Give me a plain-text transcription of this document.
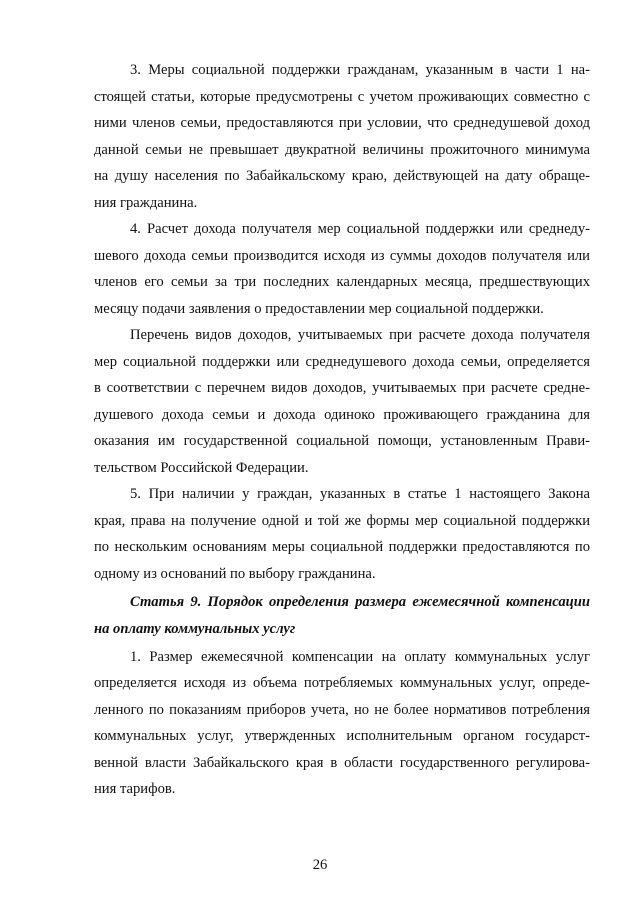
3. Меры социальной поддержки гражданам, указанным в части 1 на-
стоящей статьи, которые предусмотрены с учетом проживающих совместно с
ними членов семьи, предоставляются при условии, что среднедушевой доход
данной семьи не превышает двукратной величины прожиточного минимума
на душу населения по Забайкальскому краю, действующей на дату обраще-
ния гражданина.
4. Расчет дохода получателя мер социальной поддержки или среднеду-
шевого дохода семьи производится исходя из суммы доходов получателя или
членов его семьи за три последних календарных месяца, предшествующих
месяцу подачи заявления о предоставлении мер социальной поддержки.
Перечень видов доходов, учитываемых при расчете дохода получателя
мер социальной поддержки или среднедушевого дохода семьи, определяется
в соответствии с перечнем видов доходов, учитываемых при расчете средне-
душевого дохода семьи и дохода одиноко проживающего гражданина для
оказания им государственной социальной помощи, установленным Прави-
тельством Российской Федерации.
5. При наличии у граждан, указанных в статье 1 настоящего Закона
края, права на получение одной и той же формы мер социальной поддержки
по нескольким основаниям меры социальной поддержки предоставляются по
одному из оснований по выбору гражданина.
Статья 9. Порядок определения размера ежемесячной компенсации
на оплату коммунальных услуг
1. Размер ежемесячной компенсации на оплату коммунальных услуг
определяется исходя из объема потребляемых коммунальных услуг, опреде-
ленного по показаниям приборов учета, но не более нормативов потребления
коммунальных услуг, утвержденных исполнительным органом государст-
венной власти Забайкальского края в области государственного регулирова-
ния тарифов.
26
